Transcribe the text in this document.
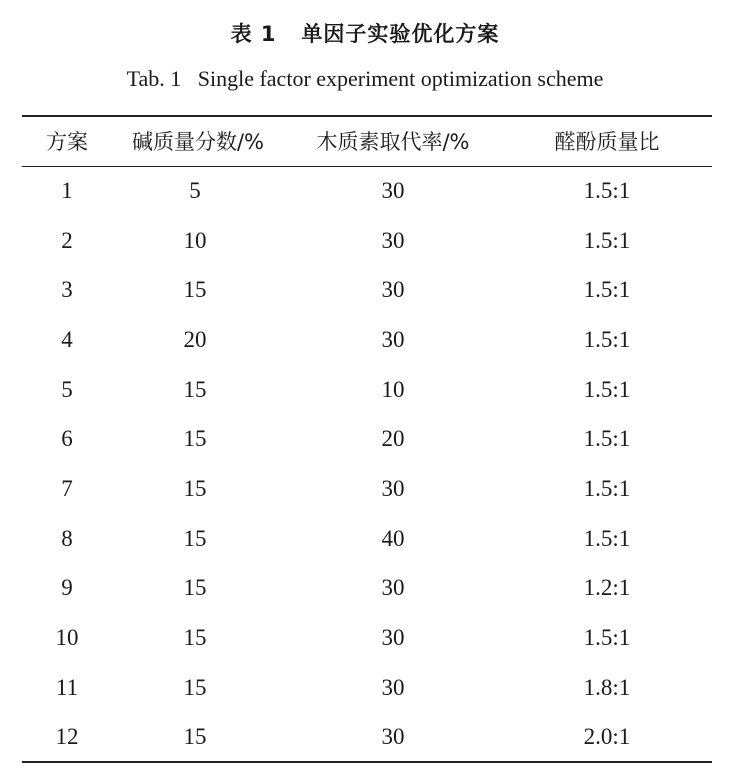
表 1   单因子实验优化方案
Tab. 1   Single factor experiment optimization scheme
方案	碱质量分数/%	木质素取代率/%	醛酚质量比
1	5	30	1.5:1
2	10	30	1.5:1
3	15	30	1.5:1
4	20	30	1.5:1
5	15	10	1.5:1
6	15	20	1.5:1
7	15	30	1.5:1
8	15	40	1.5:1
9	15	30	1.2:1
10	15	30	1.5:1
11	15	30	1.8:1
12	15	30	2.0:1
